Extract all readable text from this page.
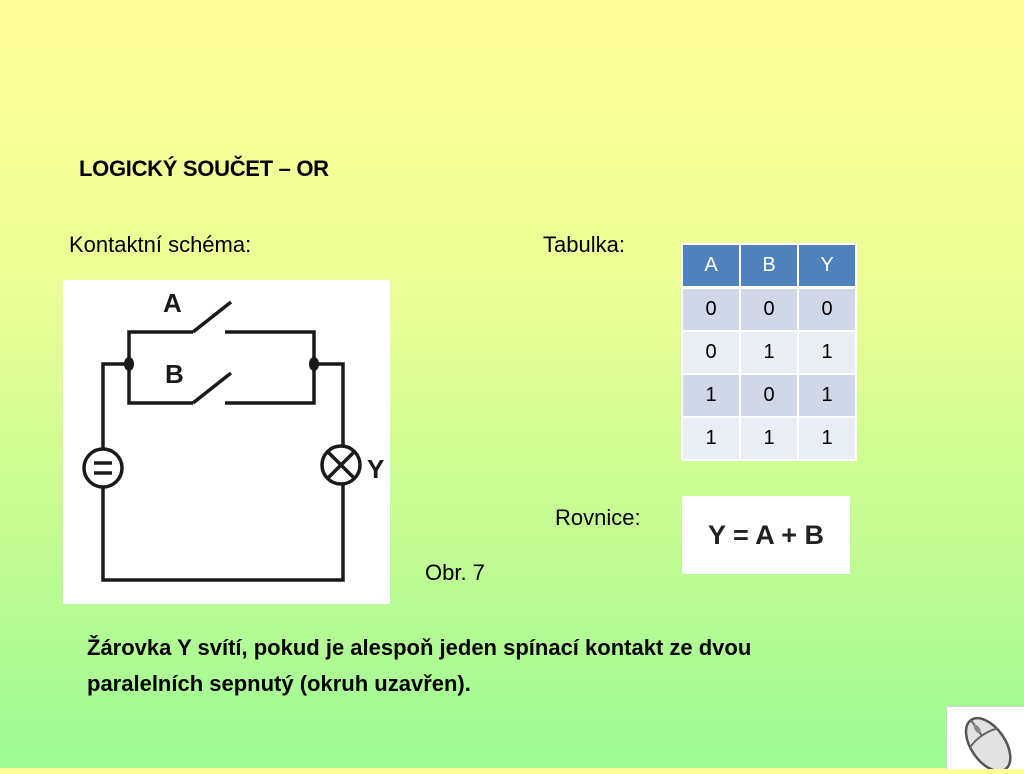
LOGICKÝ SOUČET – OR
Kontaktní schéma:	Tabulka:
A
B
Y
A	B	Y
0	0	0
0	1	1
1	0	1
1	1	1
Rovnice:
Y = A + B
Obr. 7
Žárovka Y svítí, pokud je alespoň jeden spínací kontakt ze dvou paralelních sepnutý (okruh uzavřen).
